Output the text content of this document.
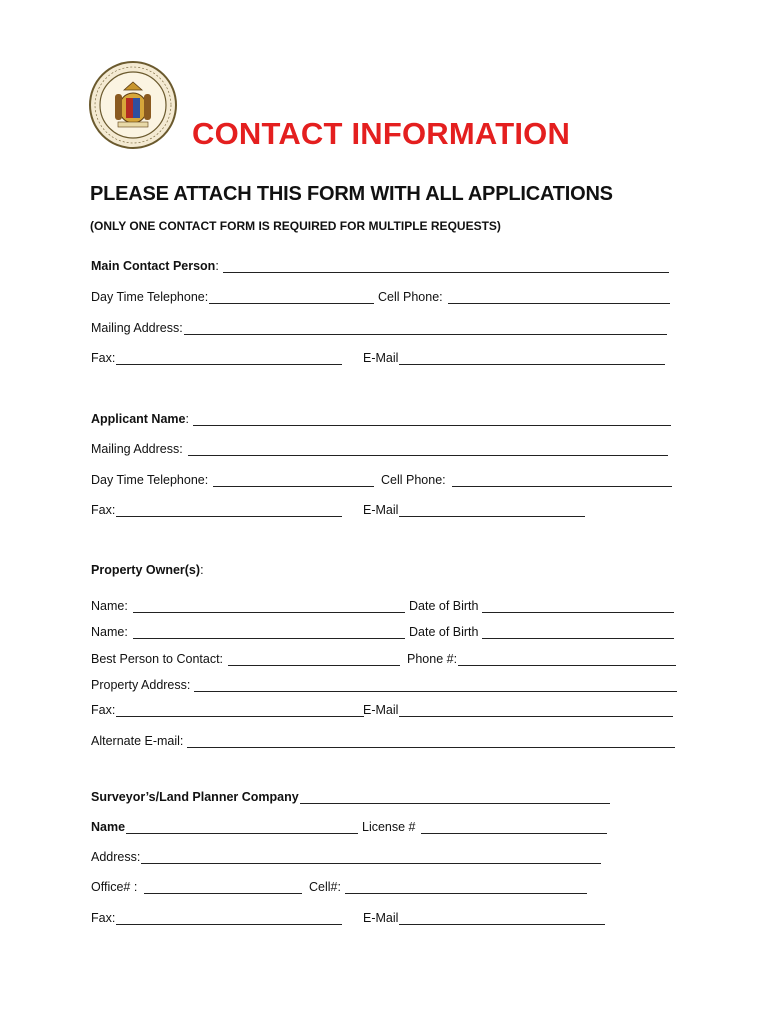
CONTACT INFORMATION
PLEASE ATTACH THIS FORM WITH ALL APPLICATIONS
(ONLY ONE CONTACT FORM IS REQUIRED FOR MULTIPLE REQUESTS)
Main Contact Person :
Day Time Telephone:	Cell Phone:
Mailing Address:
Fax:	E-Mail
Applicant Name :
Mailing Address:
Day Time Telephone:	Cell Phone:
Fax:	E-Mail
Property Owner(s):
Name:	Date of Birth
Name:	Date of Birth
Best Person to Contact:	Phone #:
Property Address:
Fax:	E-Mail
Alternate E-mail:
Surveyor’s/Land Planner Company
Name	License #
Address:
Office# :	Cell#:
Fax:	E-Mail
